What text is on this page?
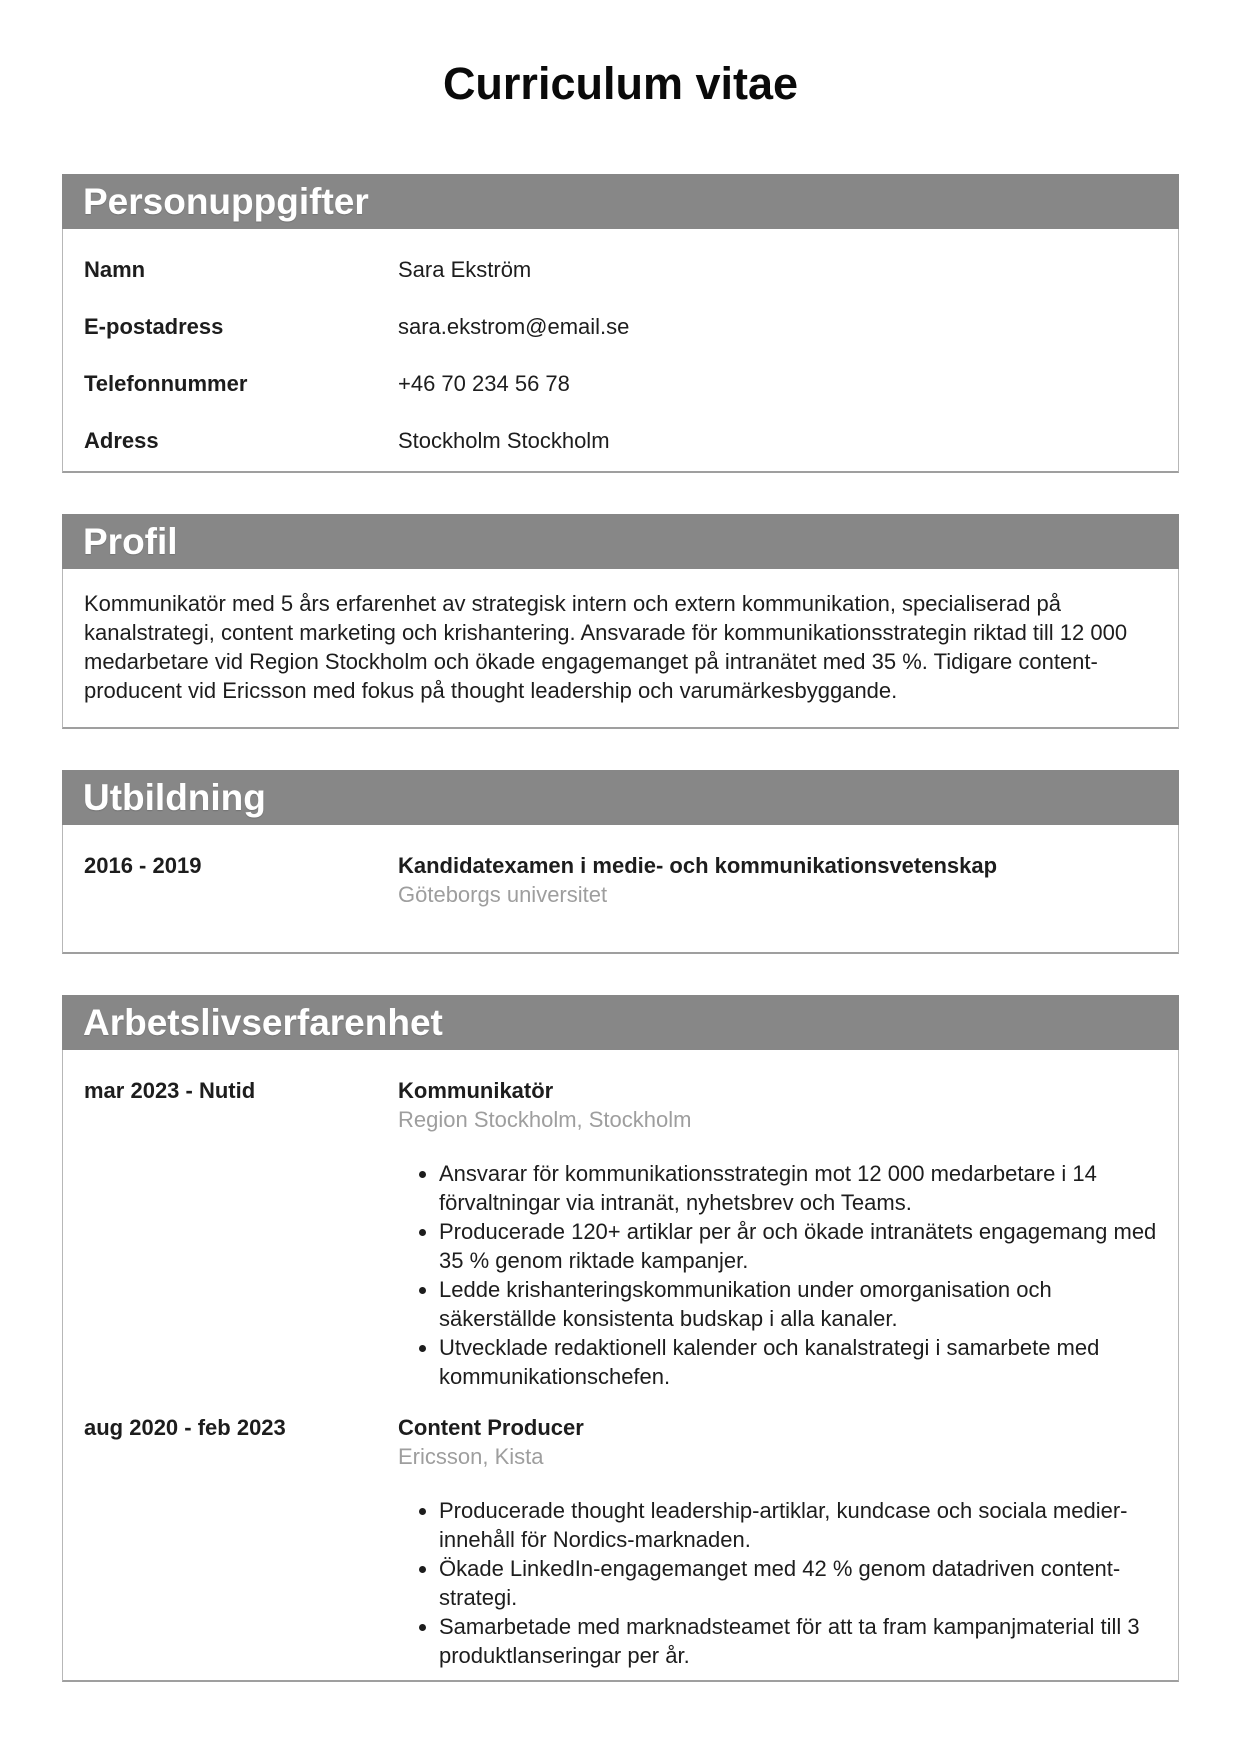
Curriculum vitae
Personuppgifter
Namn	Sara Ekström
E-postadress	sara.ekstrom@email.se
Telefonnummer	+46 70 234 56 78
Adress	Stockholm Stockholm
Profil

Kommunikatör med 5 års erfarenhet av strategisk intern och extern kommunikation, specialiserad på kanalstrategi, content marketing och krishantering. Ansvarade för kommunikationsstrategin riktad till 12 000 medarbetare vid Region Stockholm och ökade engagemanget på intranätet med 35 %. Tidigare content-producent vid Ericsson med fokus på thought leadership och varumärkesbyggande.

Utbildning
2016 - 2019	Kandidatexamen i medie- och kommunikationsvetenskap
Göteborgs universitet
Arbetslivserfarenhet
mar 2023 - Nutid	Kommunikatör
Region Stockholm, Stockholm
• Ansvarar för kommunikationsstrategin mot 12 000 medarbetare i 14 förvaltningar via intranät, nyhetsbrev och Teams.
• Producerade 120+ artiklar per år och ökade intranätets engagemang med 35 % genom riktade kampanjer.
• Ledde krishanteringskommunikation under omorganisation och säkerställde konsistenta budskap i alla kanaler.
• Utvecklade redaktionell kalender och kanalstrategi i samarbete med kommunikationschefen.
aug 2020 - feb 2023	Content Producer
Ericsson, Kista
• Producerade thought leadership-artiklar, kundcase och sociala medier-innehåll för Nordics-marknaden.
• Ökade LinkedIn-engagemanget med 42 % genom datadriven content-strategi.
• Samarbetade med marknadsteamet för att ta fram kampanjmaterial till 3 produktlanseringar per år.
